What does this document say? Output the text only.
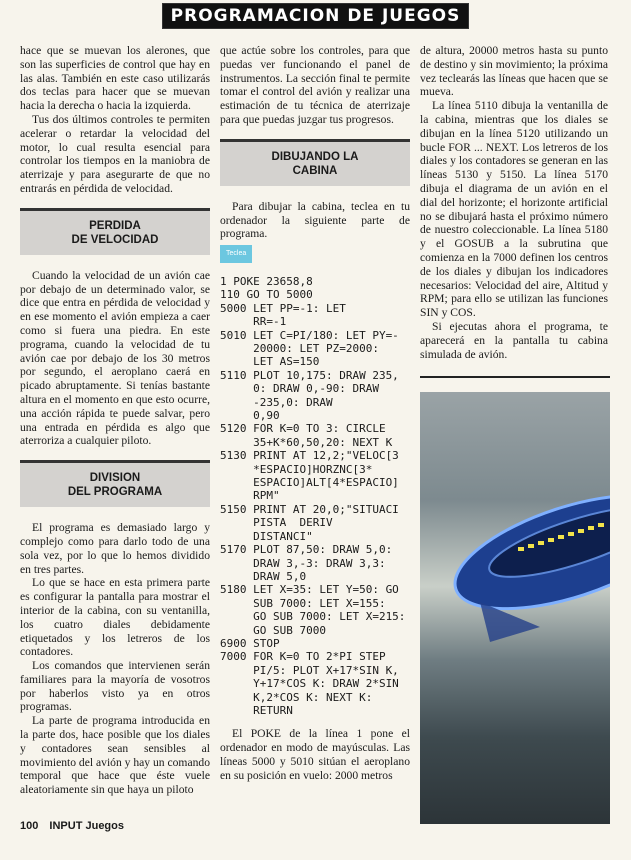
PROGRAMACION DE JUEGOS

hace que se muevan los alerones, que son las superficies de control que hay en las alas. También en este caso utilizarás dos teclas para hacer que se muevan hacia la derecha o hacia la izquierda.

Tus dos últimos controles te permiten acelerar o retardar la velocidad del motor, lo cual resulta esencial para controlar los tiempos en la maniobra de aterrizaje y para asegurarte de que no entrarás en pérdida de velocidad.

PERDIDA
DE VELOCIDAD

Cuando la velocidad de un avión cae por debajo de un determinado valor, se dice que entra en pérdida de velocidad y en ese momento el avión empieza a caer como si fuera una piedra. En este programa, cuando la velocidad de tu avión cae por debajo de los 30 metros por segundo, el aeroplano caerá en picado abruptamente. Si tenías bastante altura en el momento en que esto ocurre, una acción rápida te puede salvar, pero una entrada en pérdida es algo que aterroriza a cualquier piloto.

DIVISION
DEL PROGRAMA

El programa es demasiado largo y complejo como para darlo todo de una sola vez, por lo que lo hemos dividido en tres partes.

Lo que se hace en esta primera parte es configurar la pantalla para mostrar el interior de la cabina, con su ventanilla, los cuatro diales debidamente etiquetados y los letreros de los contadores.

Los comandos que intervienen serán familiares para la mayoría de vosotros por haberlos visto ya en otros programas.

La parte de programa introducida en la parte dos, hace posible que los diales y contadores sean sensibles al movimiento del avión y hay un comando temporal que hace que éste vuele aleatoriamente sin que haya un piloto

que actúe sobre los controles, para que puedas ver funcionando el panel de instrumentos. La sección final te permite tomar el control del avión y realizar una estimación de tu técnica de aterrizaje para que puedas juzgar tus progresos.

DIBUJANDO LA
CABINA

Para dibujar la cabina, teclea en tu ordenador la siguiente parte de programa.

Teclea
1 POKE 23658,8
110 GO TO 5000
5000 LET PP=-1: LET
RR=-1
5010 LET C=PI/180: LET PY=-
20000: LET PZ=2000:
LET AS=150
5110 PLOT 10,175: DRAW 235,
0: DRAW 0,-90: DRAW
-235,0: DRAW
0,90
5120 FOR K=0 TO 3: CIRCLE
35+K*60,50,20: NEXT K
5130 PRINT AT 12,2;"VELOC[3
*ESPACIO]HORZNC[3*
ESPACIO]ALT[4*ESPACIO]
RPM"
5150 PRINT AT 20,0;"SITUACI
PISTA  DERIV
DISTANCI"
5170 PLOT 87,50: DRAW 5,0:
DRAW 3,-3: DRAW 3,3:
DRAW 5,0
5180 LET X=35: LET Y=50: GO
SUB 7000: LET X=155:
GO SUB 7000: LET X=215:
GO SUB 7000
6900 STOP
7000 FOR K=0 TO 2*PI STEP
PI/5: PLOT X+17*SIN K,
Y+17*COS K: DRAW 2*SIN
K,2*COS K: NEXT K:
RETURN

El POKE de la línea 1 pone el ordenador en modo de mayúsculas. Las líneas 5000 y 5010 sitúan el aeroplano en su posición en vuelo: 2000 metros

de altura, 20000 metros hasta su punto de destino y sin movimiento; la próxima vez teclearás las líneas que hacen que se mueva.

La línea 5110 dibuja la ventanilla de la cabina, mientras que los diales se dibujan en la línea 5120 utilizando un bucle FOR ... NEXT. Los letreros de los diales y los contadores se generan en las líneas 5130 y 5150. La línea 5170 dibuja el diagrama de un avión en el dial del horizonte; el horizonte artificial no se dibujará hasta el próximo número de nuestro coleccionable. La línea 5180 y el GOSUB a la subrutina que comienza en la 7000 definen los centros de los diales y dibujan los indicadores necesarios: Velocidad del aire, Altitud y RPM; para ello se utilizan las funciones SIN y COS.

Si ejecutas ahora el programa, te aparecerá en la pantalla tu cabina simulada de avión.

100 INPUT Juegos
